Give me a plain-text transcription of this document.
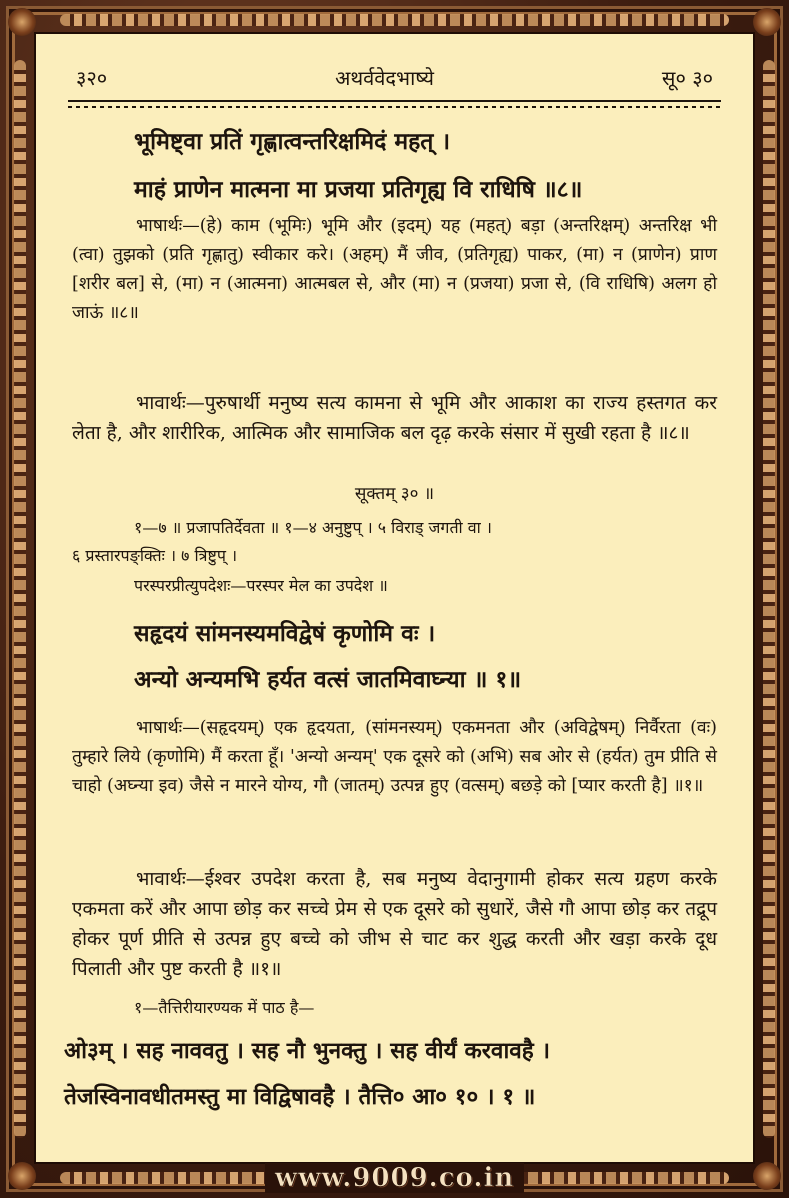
३२०	अथर्ववेदभाष्ये	सू० ३०
भूमिष्ट्वा प्रतिं गृह्णात्वन्तरिक्षमिदं महत् ।
माहं प्राणेन मात्मना मा प्रजया प्रतिगृह्य वि राधिषि ॥८॥
भाषार्थः—(हे) काम (भूमिः) भूमि और (इदम्) यह (महत्) बड़ा (अन्तरिक्षम्) अन्तरिक्ष भी (त्वा) तुझको (प्रति गृह्णातु) स्वीकार करे। (अहम्) मैं जीव, (प्रतिगृह्य) पाकर, (मा) न (प्राणेन) प्राण [शरीर बल] से, (मा) न (आत्मना) आत्मबल से, और (मा) न (प्रजया) प्रजा से, (वि राधिषि) अलग हो जाऊं ॥८॥
भावार्थः—पुरुषार्थी मनुष्य सत्य कामना से भूमि और आकाश का राज्य हस्तगत कर लेता है, और शारीरिक, आत्मिक और सामाजिक बल दृढ़ करके संसार में सुखी रहता है ॥८॥
सूक्तम् ३० ॥
१—७ ॥ प्रजापतिर्देवता ॥ १—४ अनुष्टुप् । ५ विराड् जगती वा ।
६ प्रस्तारपङ्क्तिः । ७ त्रिष्टुप् ।
परस्परप्रीत्युपदेशः—परस्पर मेल का उपदेश ॥
सहृदयं सांमनस्यमविद्वेषं कृणोमि वः ।
अन्यो अन्यमभि हर्यत वत्सं जातमिवाघ्न्या ॥ १॥
भाषार्थः—(सहृदयम्) एक हृदयता, (सांमनस्यम्) एकमनता और (अविद्वेषम्) निर्वैरता (वः) तुम्हारे लिये (कृणोमि) मैं करता हूँ। 'अन्यो अन्यम्' एक दूसरे को (अभि) सब ओर से (हर्यत) तुम प्रीति से चाहो (अघ्न्या इव) जैसे न मारने योग्य, गौ (जातम्) उत्पन्न हुए (वत्सम्) बछड़े को [प्यार करती है] ॥१॥
भावार्थः—ईश्वर उपदेश करता है, सब मनुष्य वेदानुगामी होकर सत्य ग्रहण करके एकमता करें और आपा छोड़ कर सच्चे प्रेम से एक दूसरे को सुधारें, जैसे गौ आपा छोड़ कर तद्रूप होकर पूर्ण प्रीति से उत्पन्न हुए बच्चे को जीभ से चाट कर शुद्ध करती और खड़ा करके दूध पिलाती और पुष्ट करती है ॥१॥
१—तैत्तिरीयारण्यक में पाठ है—
ओ३म् । सह नाववतु । सह नौ भुनक्तु । सह वीर्यं करवावहै ।
तेजस्विनावधीतमस्तु मा विद्विषावहै । तैत्ति० आ० १० । १ ॥
www.9009.co.in
